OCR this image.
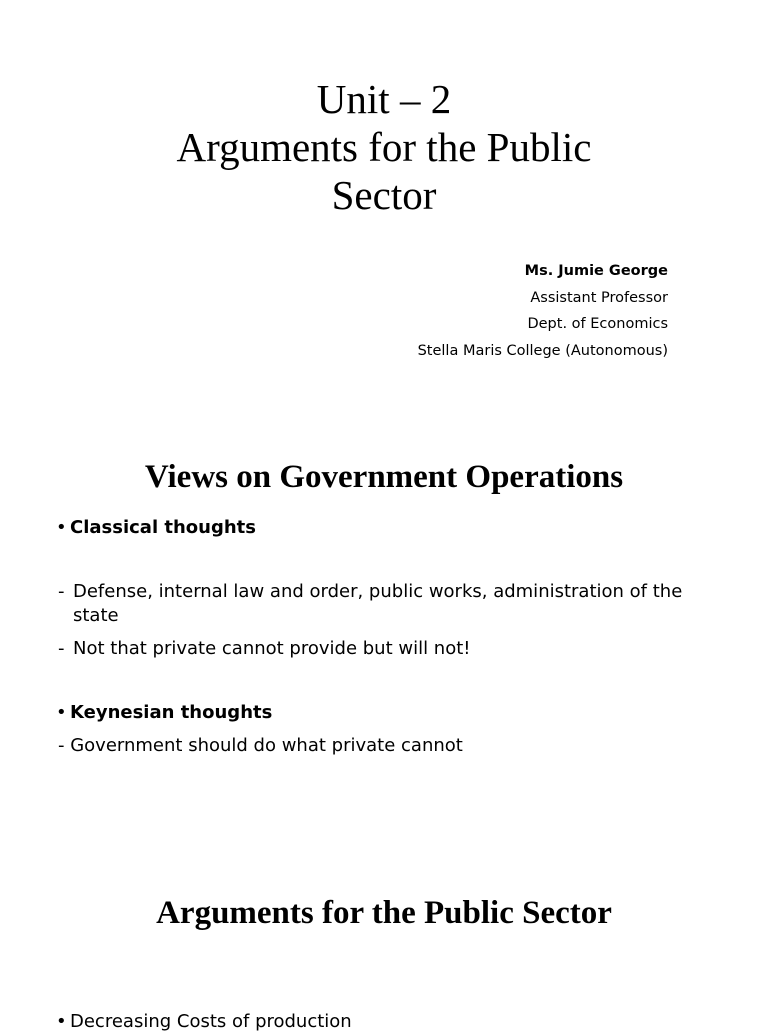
Unit – 2
Arguments for the Public
Sector
Ms. Jumie George
Assistant Professor
Dept. of Economics
Stella Maris College (Autonomous)
Views on Government Operations
• Classical thoughts
- Defense, internal law and order, public works, administration of the state
- Not that private cannot provide but will not!
• Keynesian thoughts
- Government should do what private cannot
Arguments for the Public Sector
• Decreasing Costs of production
